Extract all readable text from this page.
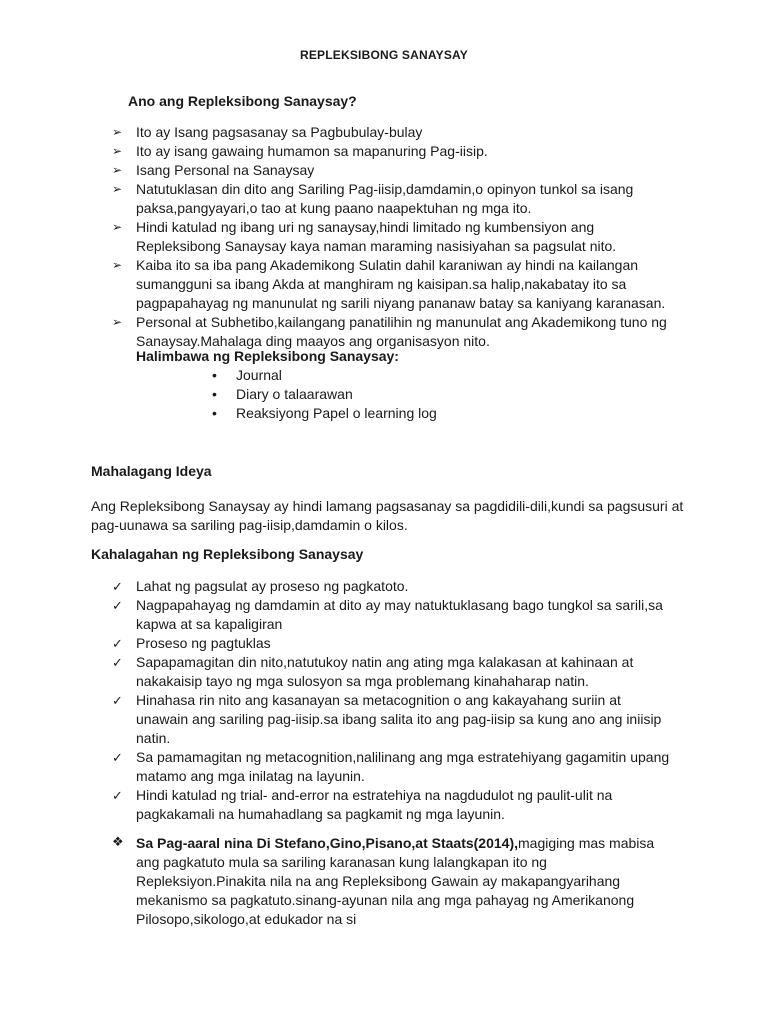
REPLEKSIBONG SANAYSAY
Ano ang Repleksibong Sanaysay?
➢ Ito ay Isang pagsasanay sa Pagbubulay-bulay
➢ Ito ay isang gawaing humamon sa mapanuring Pag-iisip.
➢ Isang Personal na Sanaysay
➢ Natutuklasan din dito ang Sariling Pag-iisip,damdamin,o opinyon tunkol sa isang paksa,pangyayari,o tao at kung paano naapektuhan ng mga ito.
➢ Hindi katulad ng ibang uri ng sanaysay,hindi limitado ng kumbensiyon ang Repleksibong Sanaysay kaya naman maraming nasisiyahan sa pagsulat nito.
➢ Kaiba ito sa iba pang Akademikong Sulatin dahil karaniwan ay hindi na kailangan sumangguni sa ibang Akda at manghiram ng kaisipan.sa halip,nakabatay ito sa pagpapahayag ng manunulat ng sarili niyang pananaw batay sa kaniyang karanasan.
➢ Personal at Subhetibo,kailangang panatilihin ng manunulat ang Akademikong tuno ng Sanaysay.Mahalaga ding maayos ang organisasyon nito.
Halimbawa ng Repleksibong Sanaysay:
• Journal
• Diary o talaarawan
• Reaksiyong Papel o learning log
Mahalagang Ideya
Ang Repleksibong Sanaysay ay hindi lamang pagsasanay sa pagdidili-dili,kundi sa pagsusuri at pag-uunawa sa sariling pag-iisip,damdamin o kilos.
Kahalagahan ng Repleksibong Sanaysay
✓ Lahat ng pagsulat ay proseso ng pagkatoto.
✓ Nagpapahayag ng damdamin at dito ay may natuktuklasang bago tungkol sa sarili,sa kapwa at sa kapaligiran
✓ Proseso ng pagtuklas
✓ Sapapamagitan din nito,natutukoy natin ang ating mga kalakasan at kahinaan at nakakaisip tayo ng mga sulosyon sa mga problemang kinahaharap natin.
✓ Hinahasa rin nito ang kasanayan sa metacognition o ang kakayahang suriin at unawain ang sariling pag-iisip.sa ibang salita ito ang pag-iisip sa kung ano ang iniisip natin.
✓ Sa pamamagitan ng metacognition,nalilinang ang mga estratehiyang gagamitin upang matamo ang mga inilatag na layunin.
✓ Hindi katulad ng trial- and-error na estratehiya na nagdudulot ng paulit-ulit na pagkakamali na humahadlang sa pagkamit ng mga layunin.
❖ Sa Pag-aaral nina Di Stefano,Gino,Pisano,at Staats(2014),magiging mas mabisa ang pagkatuto mula sa sariling karanasan kung lalangkapan ito ng Repleksiyon.Pinakita nila na ang Repleksibong Gawain ay makapangyarihang mekanismo sa pagkatuto.sinang-ayunan nila ang mga pahayag ng Amerikanong Pilosopo,sikologo,at edukador na si
